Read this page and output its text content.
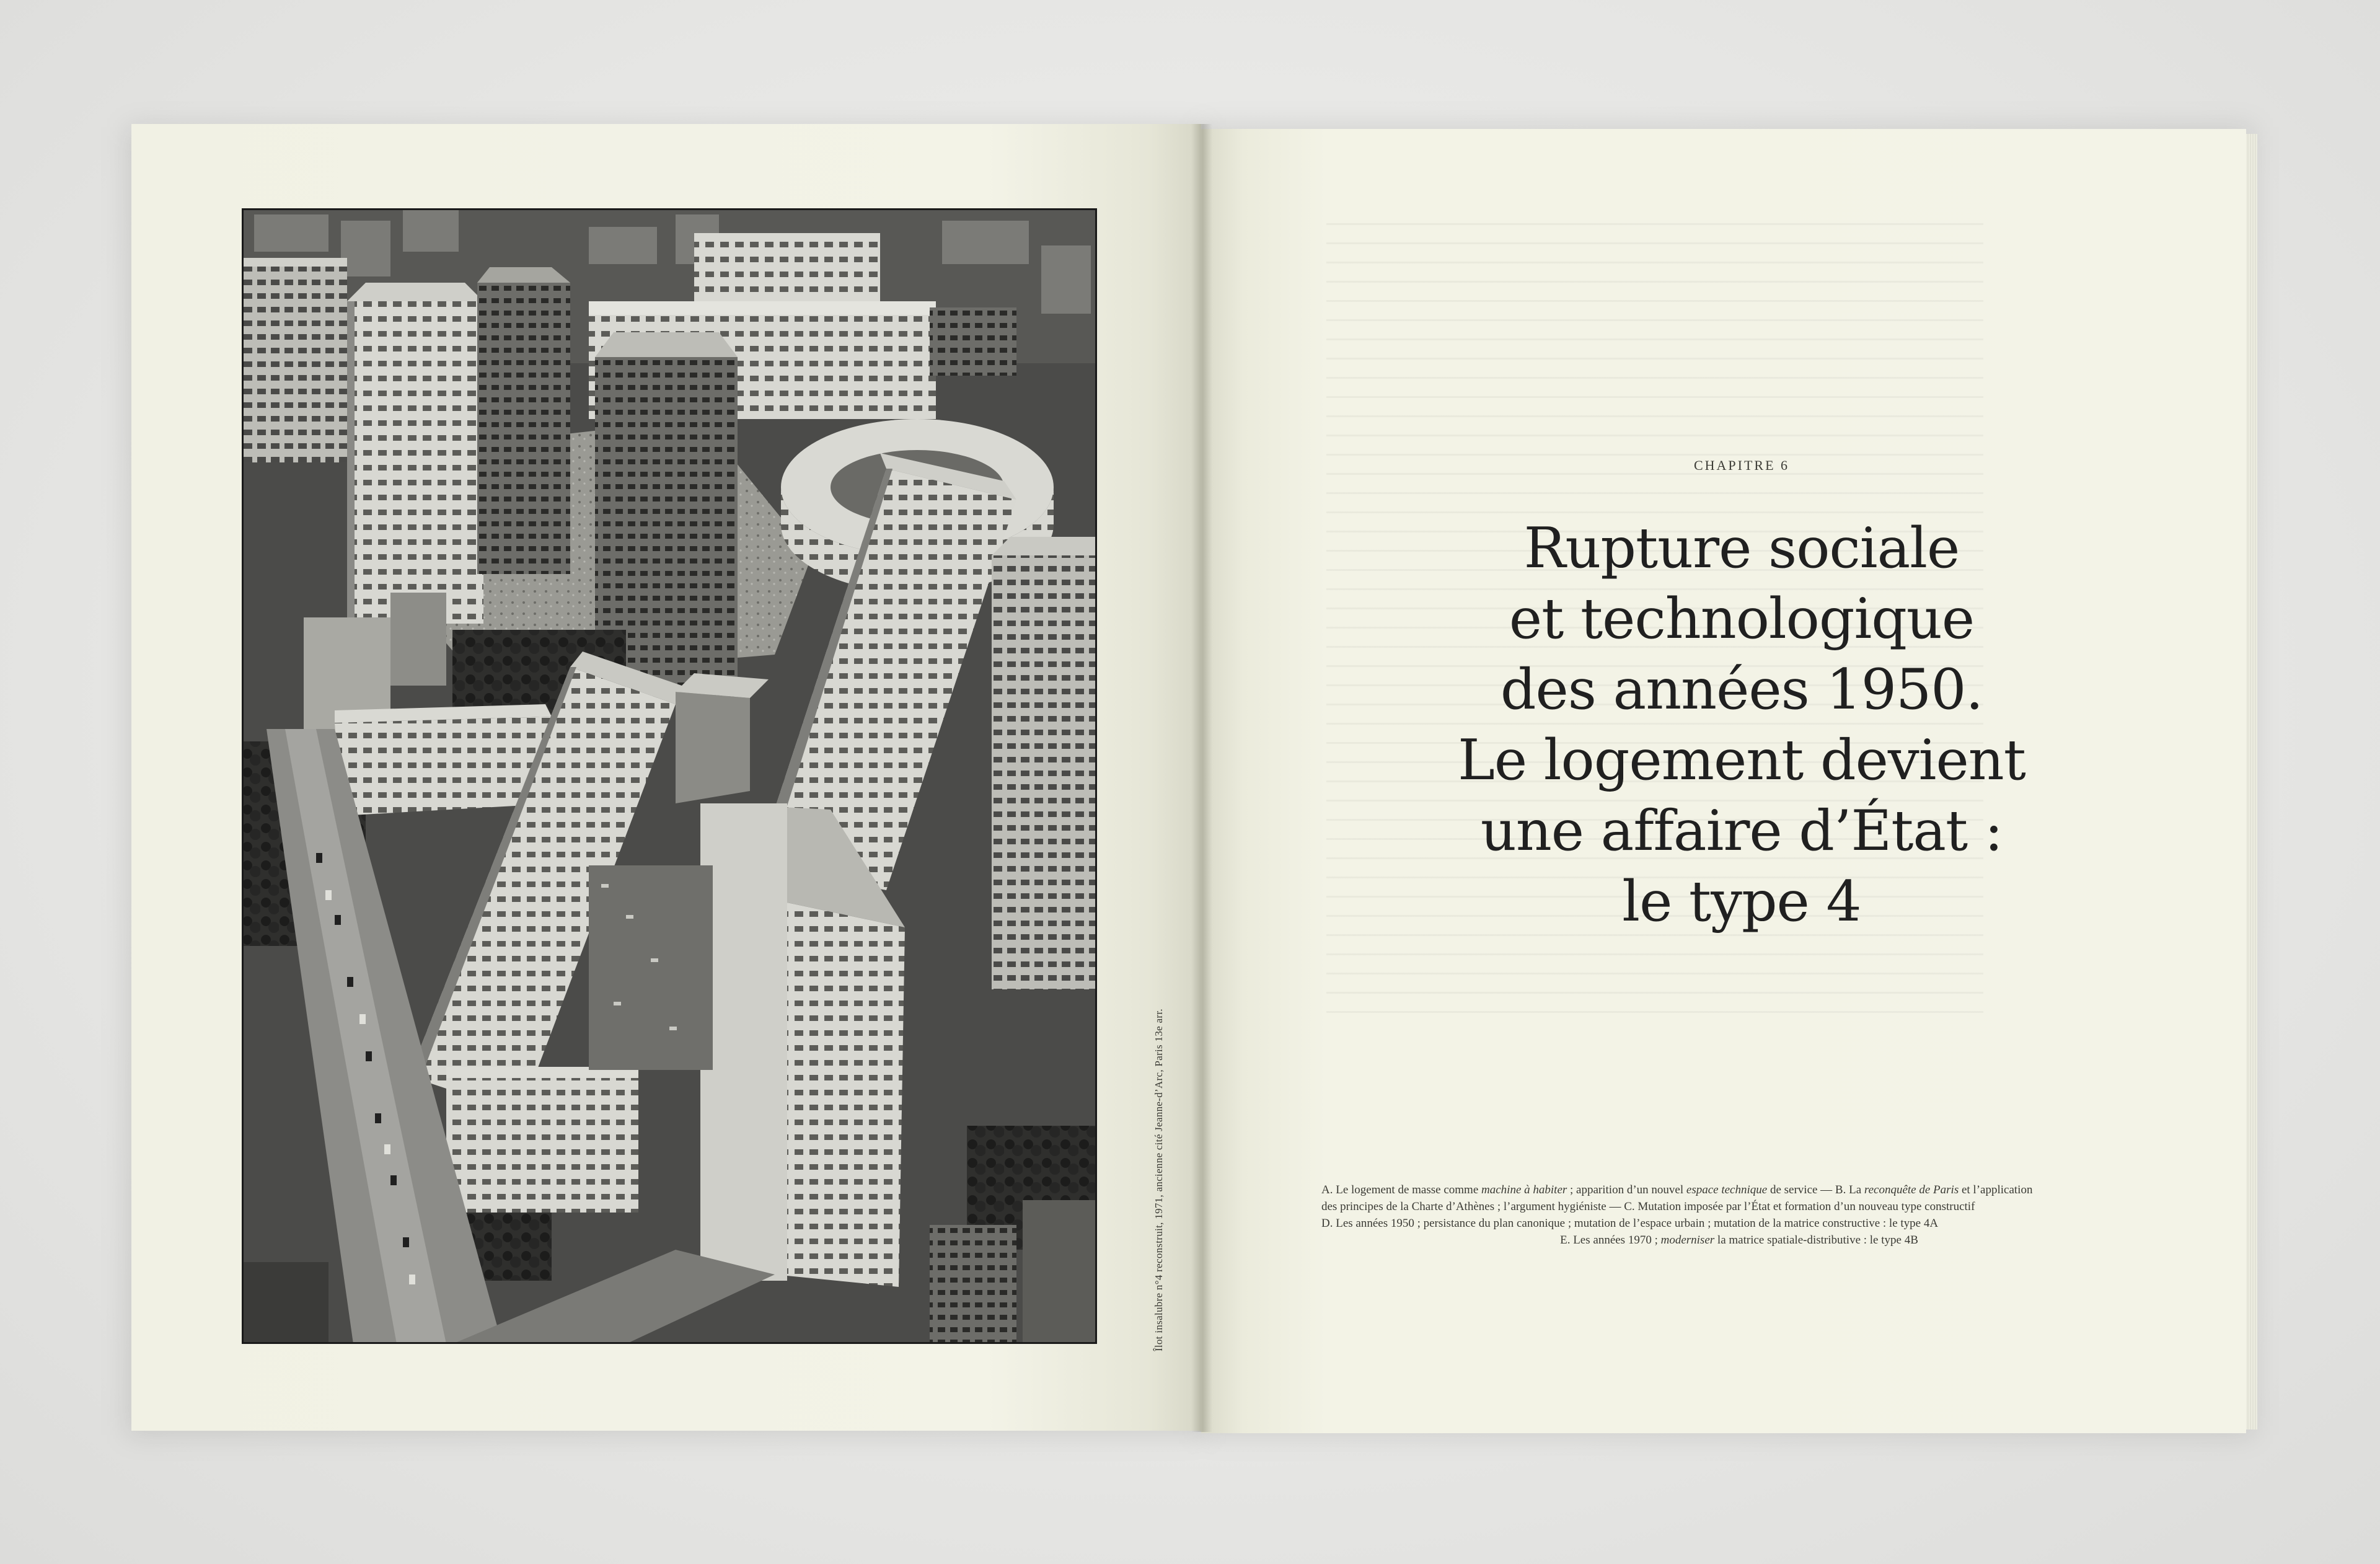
Îlot insalubre n°4 reconstruit, 1971, ancienne cité Jeanne-d’Arc, Paris 13e arr.
CHAPITRE 6
Rupture sociale
et technologique
des années 1950.
Le logement devient
une affaire d’État :
le type 4
A. Le logement de masse comme machine à habiter ; apparition d’un nouvel espace technique de service — B. La reconquête de Paris et l’application
des principes de la Charte d’Athènes ; l’argument hygiéniste — C. Mutation imposée par l’État et formation d’un nouveau type constructif
D. Les années 1950 ; persistance du plan canonique ; mutation de l’espace urbain ; mutation de la matrice constructive : le type 4A
E. Les années 1970 ; moderniser la matrice spatiale-distributive : le type 4B
